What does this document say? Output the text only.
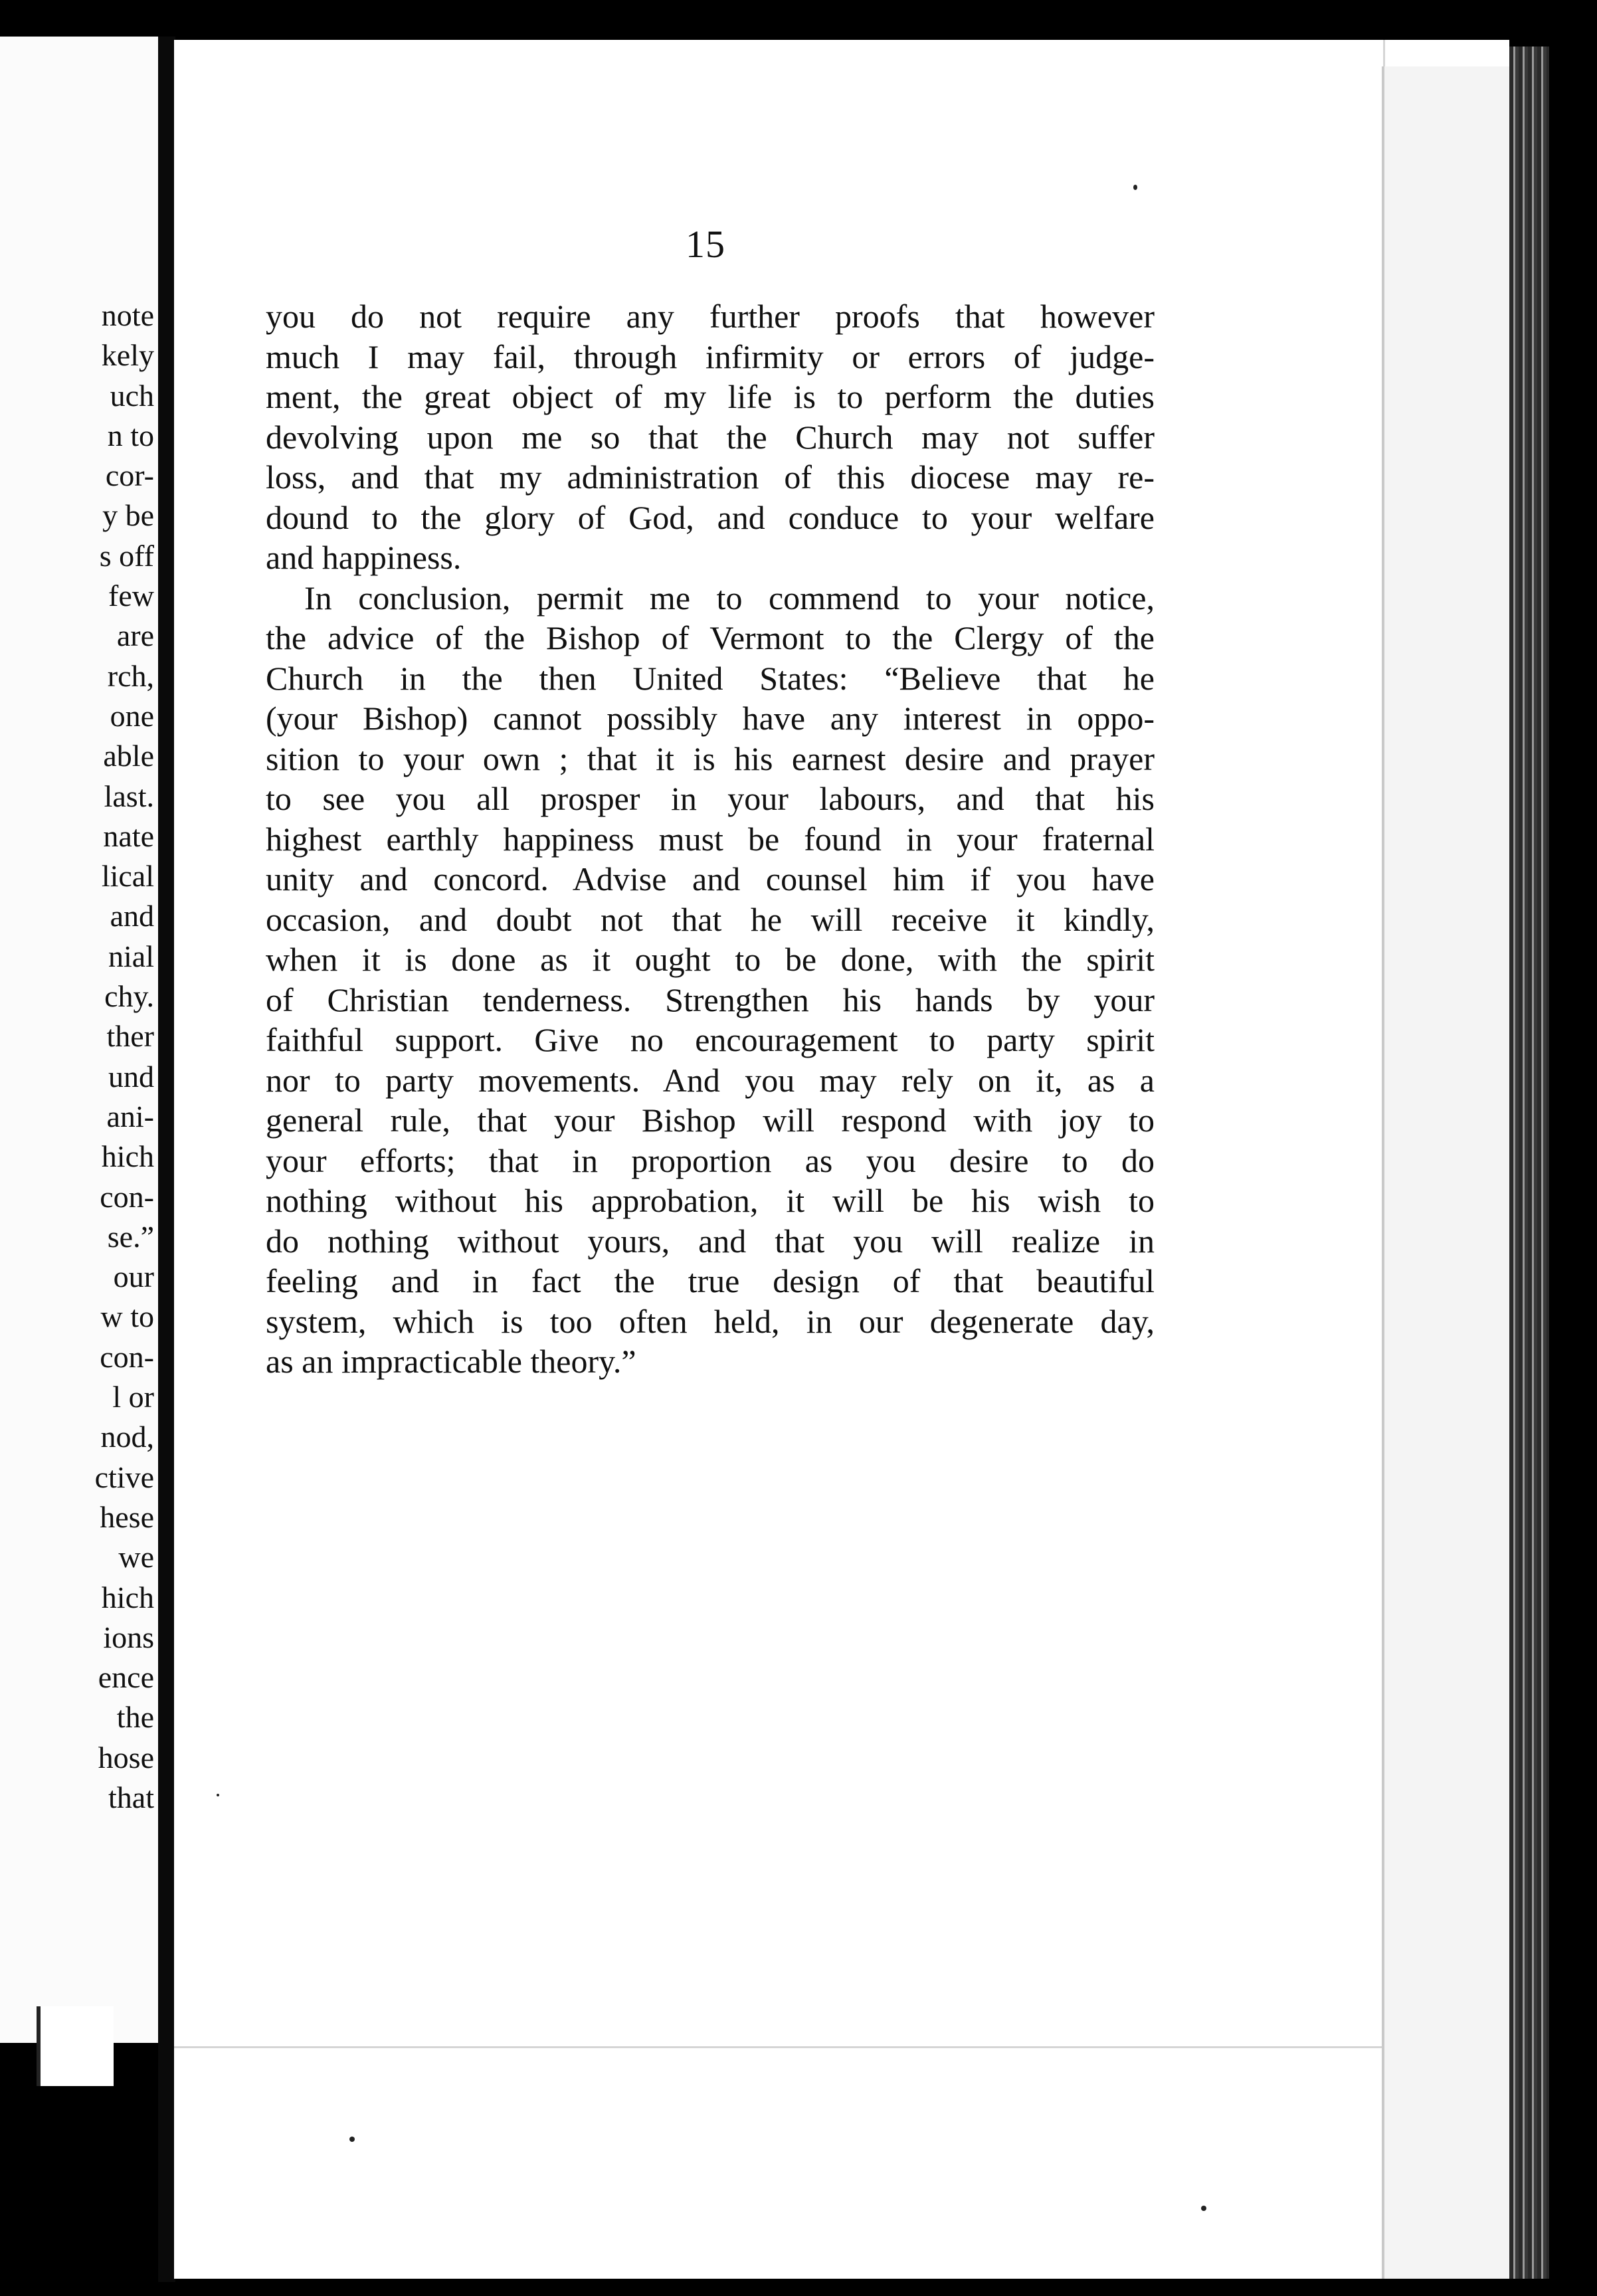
note
kely
uch
n to
cor-
y be
s off
few
are
rch,
one
able
last.
nate
lical
and
nial
chy.
ther
und
ani-
hich
con-
se.”
our
w to
con-
l or
nod,
ctive
hese
we
hich
ions
ence
the
hose
that
15
you do not require any further proofs that however
much I may fail, through infirmity or errors of judge-
ment, the great object of my life is to perform the duties
devolving upon me so that the Church may not suffer
loss, and that my administration of this diocese may re-
dound to the glory of God, and conduce to your welfare
and happiness.
In conclusion, permit me to commend to your notice,
the advice of the Bishop of Vermont to the Clergy of the
Church in the then United States: “Believe that he
(your Bishop) cannot possibly have any interest in oppo-
sition to your own ; that it is his earnest desire and prayer
to see you all prosper in your labours, and that his
highest earthly happiness must be found in your fraternal
unity and concord. Advise and counsel him if you have
occasion, and doubt not that he will receive it kindly,
when it is done as it ought to be done, with the spirit
of Christian tenderness. Strengthen his hands by your
faithful support. Give no encouragement to party spirit
nor to party movements. And you may rely on it, as a
general rule, that your Bishop will respond with joy to
your efforts; that in proportion as you desire to do
nothing without his approbation, it will be his wish to
do nothing without yours, and that you will realize in
feeling and in fact the true design of that beautiful
system, which is too often held, in our degenerate day,
as an impracticable theory.”
